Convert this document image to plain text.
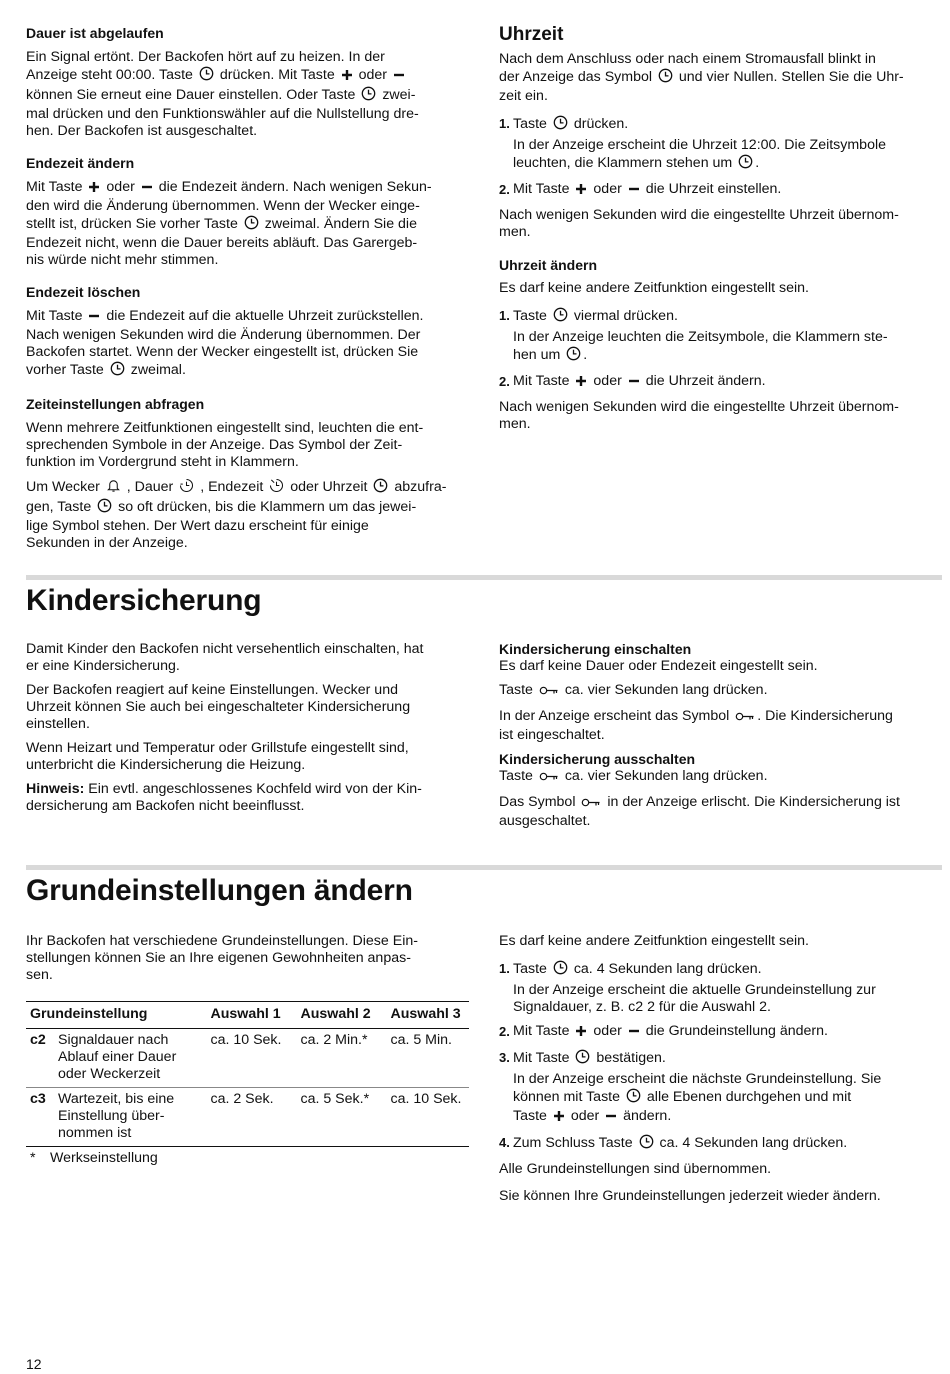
Dauer ist abgelaufen

Ein Signal ertönt. Der Backofen hört auf zu heizen. In der
Anzeige steht 00:00. Taste drücken. Mit Taste oder
können Sie erneut eine Dauer einstellen. Oder Taste zwei-
mal drücken und den Funktionswähler auf die Nullstellung dre-
hen. Der Backofen ist ausgeschaltet.

Endezeit ändern

Mit Taste oder die Endezeit ändern. Nach wenigen Sekun-
den wird die Änderung übernommen. Wenn der Wecker einge-
stellt ist, drücken Sie vorher Taste zweimal. Ändern Sie die
Endezeit nicht, wenn die Dauer bereits abläuft. Das Garergeb-
nis würde nicht mehr stimmen.

Endezeit löschen

Mit Taste die Endezeit auf die aktuelle Uhrzeit zurückstellen.
Nach wenigen Sekunden wird die Änderung übernommen. Der
Backofen startet. Wenn der Wecker eingestellt ist, drücken Sie
vorher Taste zweimal.

Zeiteinstellungen abfragen

Wenn mehrere Zeitfunktionen eingestellt sind, leuchten die ent-
sprechenden Symbole in der Anzeige. Das Symbol der Zeit-
funktion im Vordergrund steht in Klammern.

Um Wecker , Dauer , Endezeit oder Uhrzeit abzufra-
gen, Taste so oft drücken, bis die Klammern um das jewei-
lige Symbol stehen. Der Wert dazu erscheint für einige
Sekunden in der Anzeige.

Uhrzeit

Nach dem Anschluss oder nach einem Stromausfall blinkt in
der Anzeige das Symbol und vier Nullen. Stellen Sie die Uhr-
zeit ein.

1. Taste drücken.
In der Anzeige erscheint die Uhrzeit 12:00. Die Zeitsymbole
leuchten, die Klammern stehen um .
2. Mit Taste oder die Uhrzeit einstellen.

Nach wenigen Sekunden wird die eingestellte Uhrzeit übernom-
men.

Uhrzeit ändern

Es darf keine andere Zeitfunktion eingestellt sein.

1. Taste viermal drücken.
In der Anzeige leuchten die Zeitsymbole, die Klammern ste-
hen um .
2. Mit Taste oder die Uhrzeit ändern.

Nach wenigen Sekunden wird die eingestellte Uhrzeit übernom-
men.

Kindersicherung

Damit Kinder den Backofen nicht versehentlich einschalten, hat
er eine Kindersicherung.

Der Backofen reagiert auf keine Einstellungen. Wecker und
Uhrzeit können Sie auch bei eingeschalteter Kindersicherung
einstellen.

Wenn Heizart und Temperatur oder Grillstufe eingestellt sind,
unterbricht die Kindersicherung die Heizung.

Hinweis: Ein evtl. angeschlossenes Kochfeld wird von der Kin-
dersicherung am Backofen nicht beeinflusst.

Kindersicherung einschalten

Es darf keine Dauer oder Endezeit eingestellt sein.

Taste ca. vier Sekunden lang drücken.

In der Anzeige erscheint das Symbol . Die Kindersicherung
ist eingeschaltet.

Kindersicherung ausschalten

Taste ca. vier Sekunden lang drücken.

Das Symbol in der Anzeige erlischt. Die Kindersicherung ist
ausgeschaltet.

Grundeinstellungen ändern

Ihr Backofen hat verschiedene Grundeinstellungen. Diese Ein-
stellungen können Sie an Ihre eigenen Gewohnheiten anpas-
sen.

Grundeinstellung		Auswahl 1	Auswahl 2	Auswahl 3
c2	Signaldauer nach
Ablauf einer Dauer
oder Weckerzeit	ca. 10 Sek.	ca. 2 Min.*	ca. 5 Min.
c3	Wartezeit, bis eine
Einstellung über-
nommen ist	ca. 2 Sek.	ca. 5 Sek.*	ca. 10 Sek.

* Werkseinstellung

Es darf keine andere Zeitfunktion eingestellt sein.

1. Taste ca. 4 Sekunden lang drücken.
In der Anzeige erscheint die aktuelle Grundeinstellung zur
Signaldauer, z. B. c2 2 für die Auswahl 2.
2. Mit Taste oder die Grundeinstellung ändern.
3. Mit Taste bestätigen.
In der Anzeige erscheint die nächste Grundeinstellung. Sie
können mit Taste alle Ebenen durchgehen und mit
Taste oder ändern.
4. Zum Schluss Taste ca. 4 Sekunden lang drücken.

Alle Grundeinstellungen sind übernommen.

Sie können Ihre Grundeinstellungen jederzeit wieder ändern.

12
